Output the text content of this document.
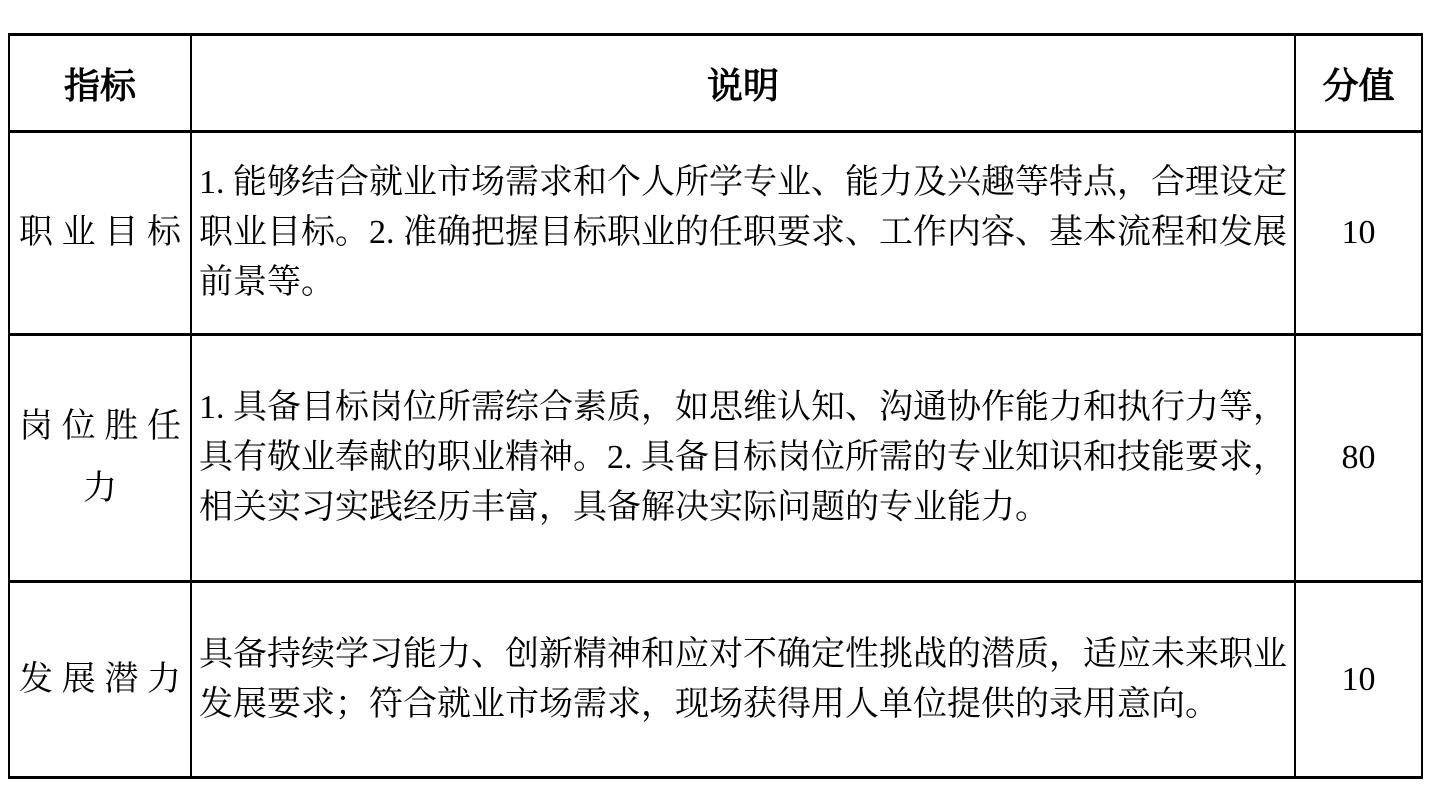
指标	说明	分值
职业目标	1. 能够结合就业市场需求和个人所学专业、能力及兴趣等特点，合理设定职业目标。2. 准确把握目标职业的任职要求、工作内容、基本流程和发展前景等。	10
岗位胜任力	1. 具备目标岗位所需综合素质，如思维认知、沟通协作能力和执行力等，具有敬业奉献的职业精神。2. 具备目标岗位所需的专业知识和技能要求，相关实习实践经历丰富，具备解决实际问题的专业能力。	80
发展潜力	具备持续学习能力、创新精神和应对不确定性挑战的潜质，适应未来职业发展要求；符合就业市场需求，现场获得用人单位提供的录用意向。	10
